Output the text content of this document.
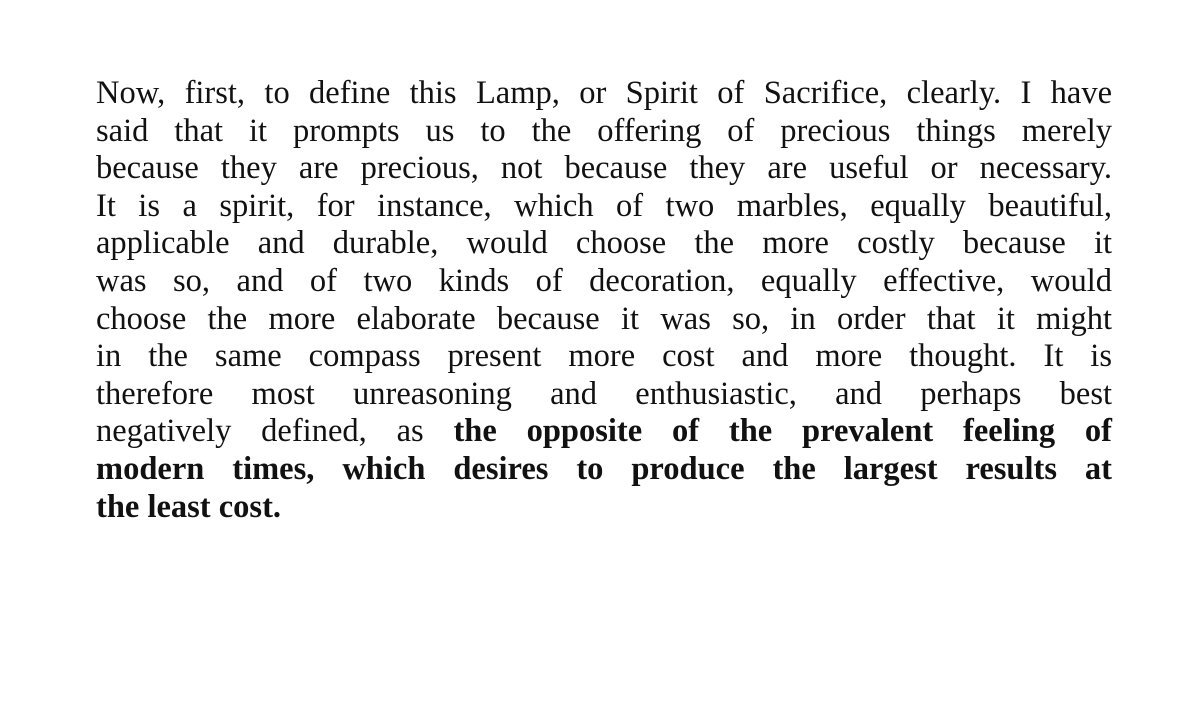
Now, first, to define this Lamp, or Spirit of Sacrifice, clearly. I have
said that it prompts us to the offering of precious things merely
because they are precious, not because they are useful or necessary.
It is a spirit, for instance, which of two marbles, equally beautiful,
applicable and durable, would choose the more costly because it
was so, and of two kinds of decoration, equally effective, would
choose the more elaborate because it was so, in order that it might
in the same compass present more cost and more thought. It is
therefore most unreasoning and enthusiastic, and perhaps best
negatively defined, as the opposite of the prevalent feeling of
modern times, which desires to produce the largest results at
the least cost.
